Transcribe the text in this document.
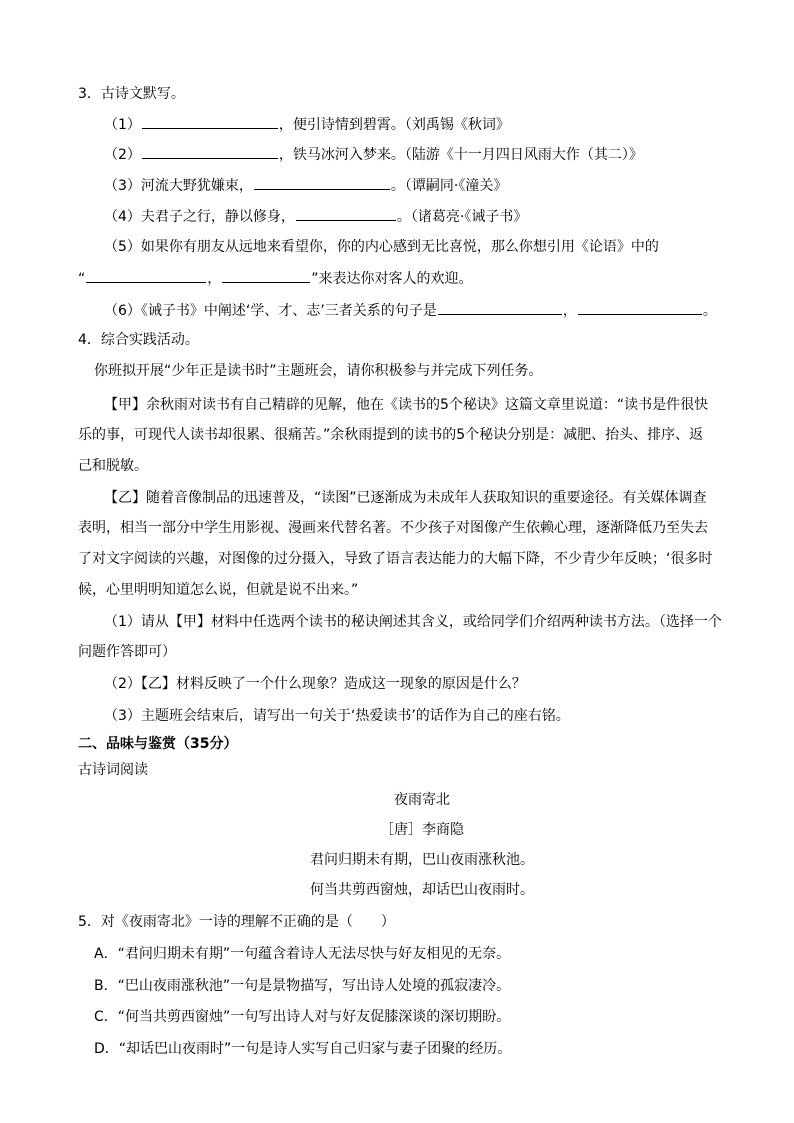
3．古诗文默写。
（1）	，便引诗情到碧霄。（刘禹锡《秋词》
（2）	，铁马冰河入梦来。（陆游《十一月四日风雨大作（其二）》
（3）河流大野犹嫌束，	。（谭嗣同·《潼关》
（4）夫君子之行，静以修身，	。（诸葛亮·《诫子书》
（5）如果你有朋友从远地来看望你，你的内心感到无比喜悦，那么你想引用《论语》中的
“	，	”来表达你对客人的欢迎。
（6）《诫子书》中阐述‘学、才、志’三者关系的句子是	，	。
4．综合实践活动。
你班拟开展“少年正是读书时”主题班会，请你积极参与并完成下列任务。
【甲】余秋雨对读书有自己精辟的见解，他在《读书的5个秘诀》这篇文章里说道：“读书是件很快
乐的事，可现代人读书却很累、很痛苦。”余秋雨提到的读书的5个秘诀分别是：减肥、抬头、排序、返
己和脱敏。
【乙】随着音像制品的迅速普及，“读图”已逐渐成为未成年人获取知识的重要途径。有关媒体调查
表明，相当一部分中学生用影视、漫画来代替名著。不少孩子对图像产生依赖心理，逐渐降低乃至失去
了对文字阅读的兴趣，对图像的过分摄入，导致了语言表达能力的大幅下降，不少青少年反映；‘很多时
候，心里明明知道怎么说，但就是说不出来。”
（1）请从【甲】材料中任选两个读书的秘诀阐述其含义，或给同学们介绍两种读书方法。（选择一个
问题作答即可）
（2）【乙】材料反映了一个什么现象？造成这一现象的原因是什么？
（3）主题班会结束后，请写出一句关于‘热爱读书’的话作为自己的座右铭。
二、品味与鉴赏（35分）
古诗词阅读
夜雨寄北
［唐］李商隐
君问归期未有期，巴山夜雨涨秋池。
何当共剪西窗烛，却话巴山夜雨时。
5．对《夜雨寄北》一诗的理解不正确的是（　　）
A．“君问归期未有期”一句蕴含着诗人无法尽快与好友相见的无奈。
B．“巴山夜雨涨秋池”一句是景物描写，写出诗人处境的孤寂凄冷。
C．“何当共剪西窗烛”一句写出诗人对与好友促膝深谈的深切期盼。
D．“却话巴山夜雨时”一句是诗人实写自己归家与妻子团聚的经历。
